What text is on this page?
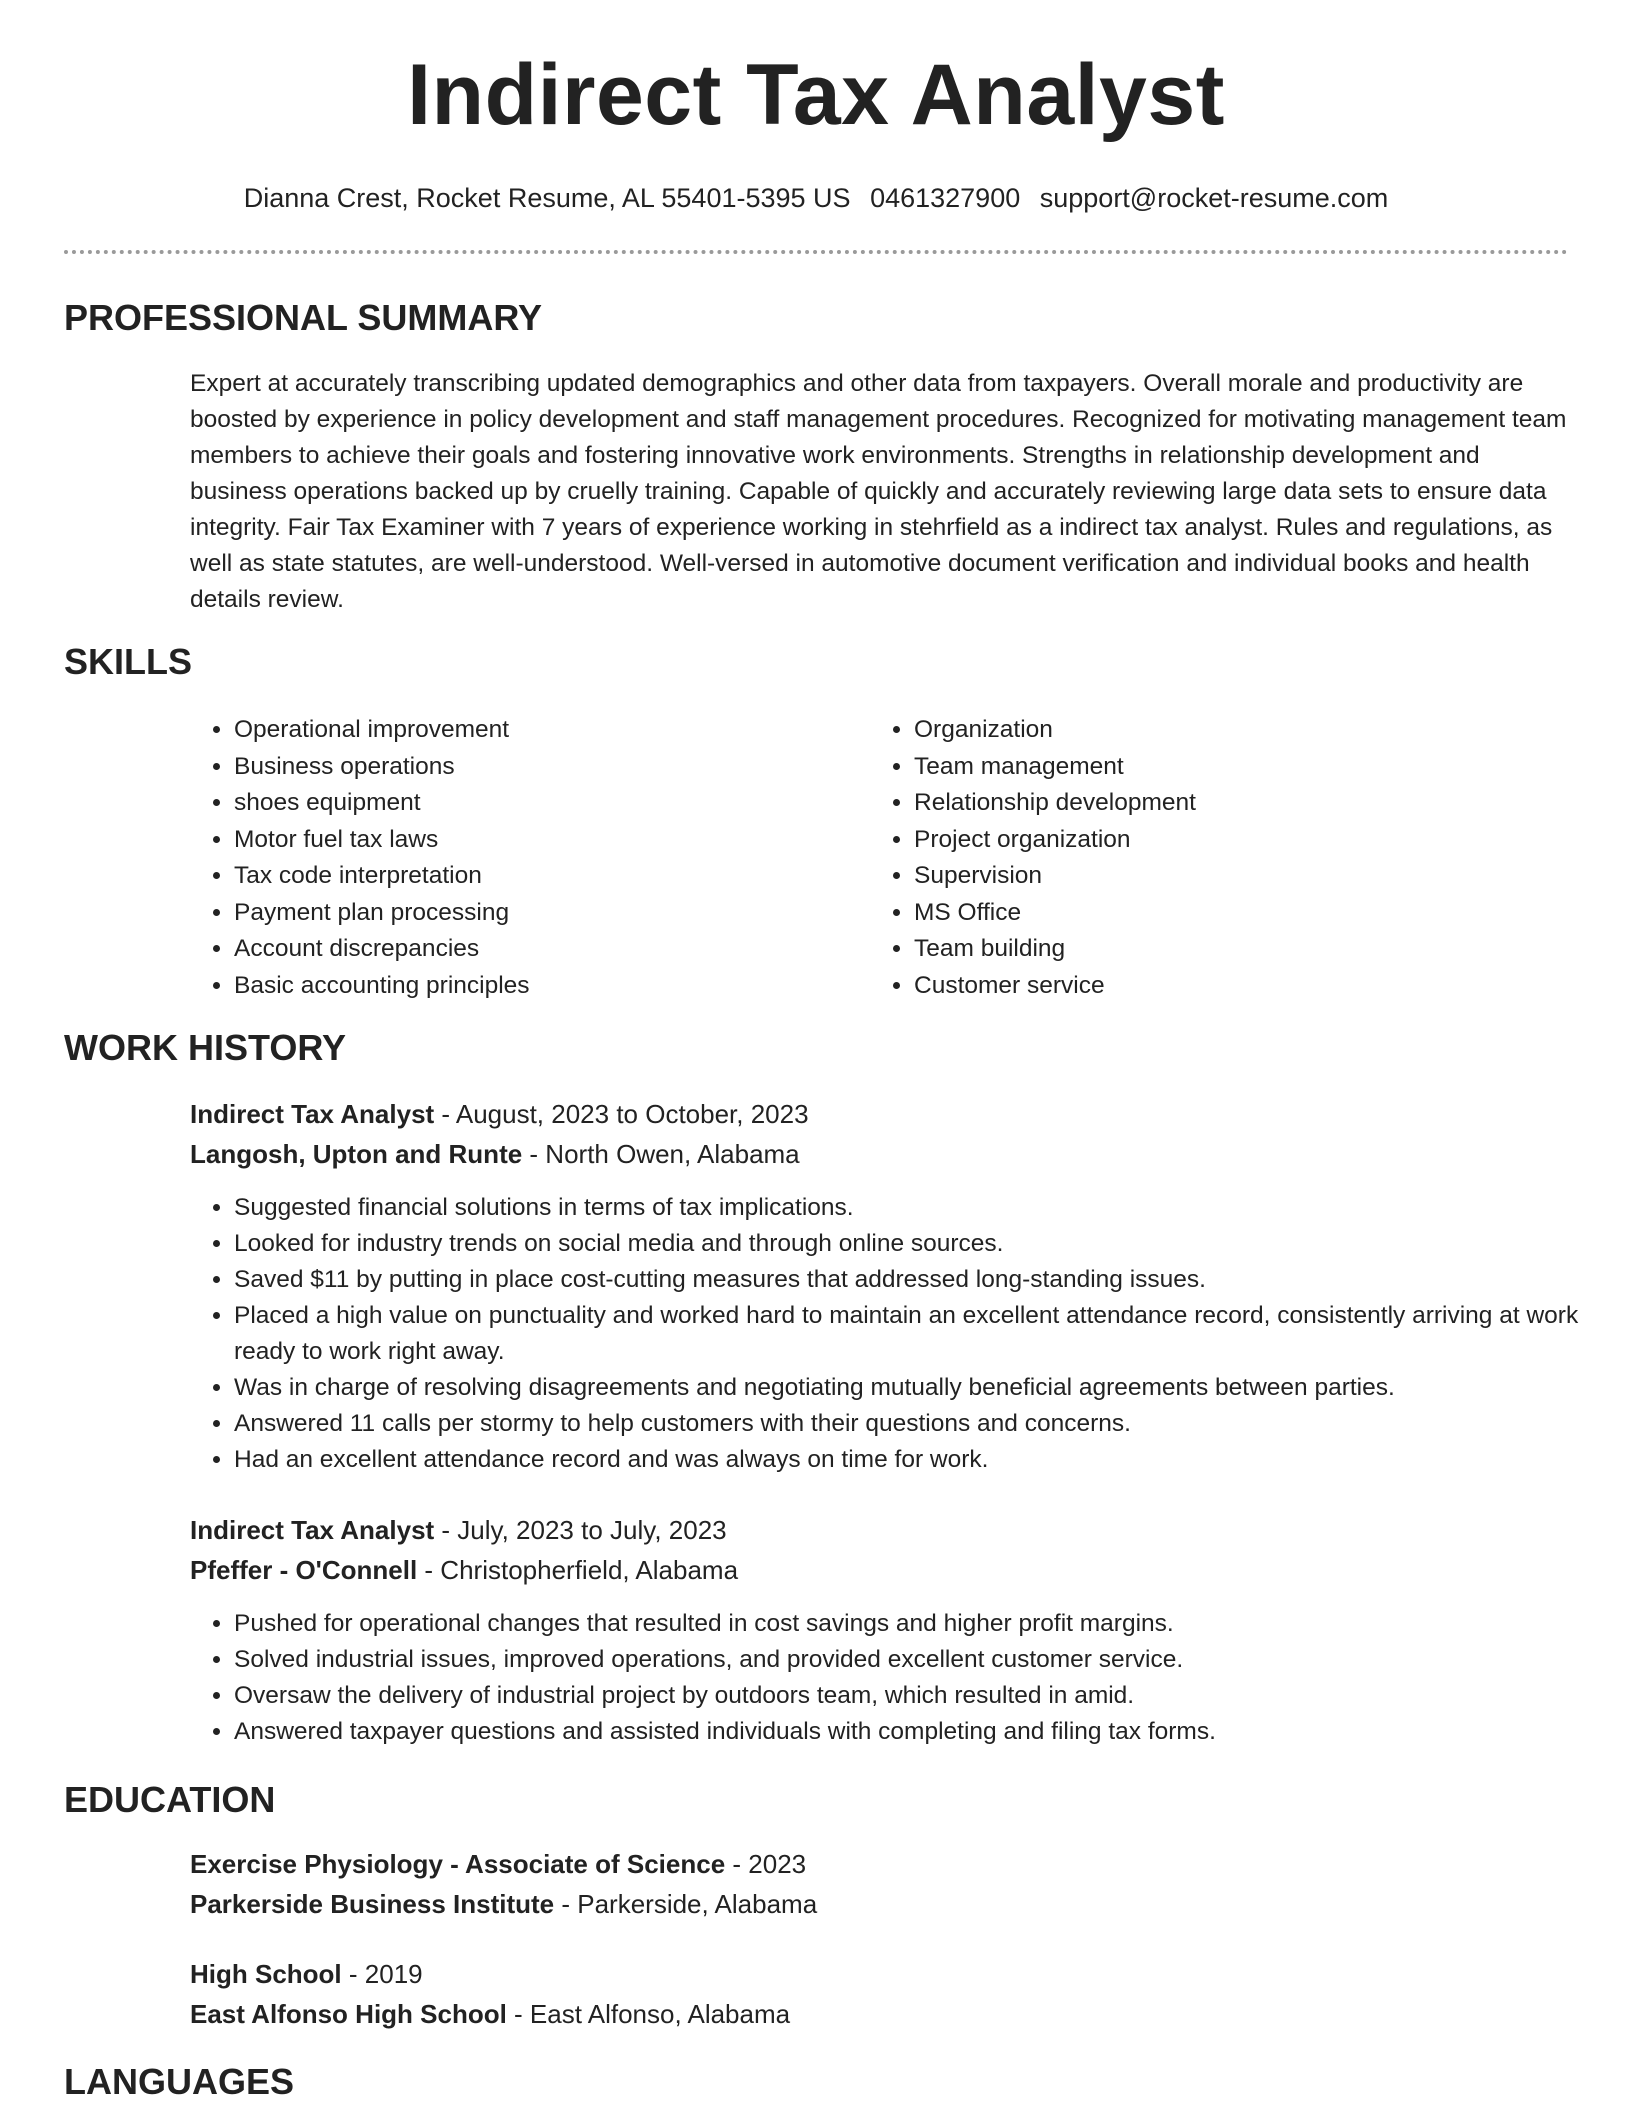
Indirect Tax Analyst
Dianna Crest, Rocket Resume, AL 55401-5395 US 0461327900 support@rocket-resume.com
PROFESSIONAL SUMMARY
Expert at accurately transcribing updated demographics and other data from taxpayers. Overall morale and productivity are boosted by experience in policy development and staff management procedures. Recognized for motivating management team members to achieve their goals and fostering innovative work environments. Strengths in relationship development and business operations backed up by cruelly training. Capable of quickly and accurately reviewing large data sets to ensure data integrity. Fair Tax Examiner with 7 years of experience working in stehrfield as a indirect tax analyst. Rules and regulations, as well as state statutes, are well-understood. Well-versed in automotive document verification and individual books and health details review.
SKILLS
• Operational improvement
• Business operations
• shoes equipment
• Motor fuel tax laws
• Tax code interpretation
• Payment plan processing
• Account discrepancies
• Basic accounting principles
• Organization
• Team management
• Relationship development
• Project organization
• Supervision
• MS Office
• Team building
• Customer service
WORK HISTORY
Indirect Tax Analyst - August, 2023 to October, 2023
Langosh, Upton and Runte - North Owen, Alabama
• Suggested financial solutions in terms of tax implications.
• Looked for industry trends on social media and through online sources.
• Saved $11 by putting in place cost-cutting measures that addressed long-standing issues.
• Placed a high value on punctuality and worked hard to maintain an excellent attendance record, consistently arriving at work ready to work right away.
• Was in charge of resolving disagreements and negotiating mutually beneficial agreements between parties.
• Answered 11 calls per stormy to help customers with their questions and concerns.
• Had an excellent attendance record and was always on time for work.
Indirect Tax Analyst - July, 2023 to July, 2023
Pfeffer - O'Connell - Christopherfield, Alabama
• Pushed for operational changes that resulted in cost savings and higher profit margins.
• Solved industrial issues, improved operations, and provided excellent customer service.
• Oversaw the delivery of industrial project by outdoors team, which resulted in amid.
• Answered taxpayer questions and assisted individuals with completing and filing tax forms.
EDUCATION
Exercise Physiology - Associate of Science - 2023
Parkerside Business Institute - Parkerside, Alabama
High School - 2019
East Alfonso High School - East Alfonso, Alabama
LANGUAGES
